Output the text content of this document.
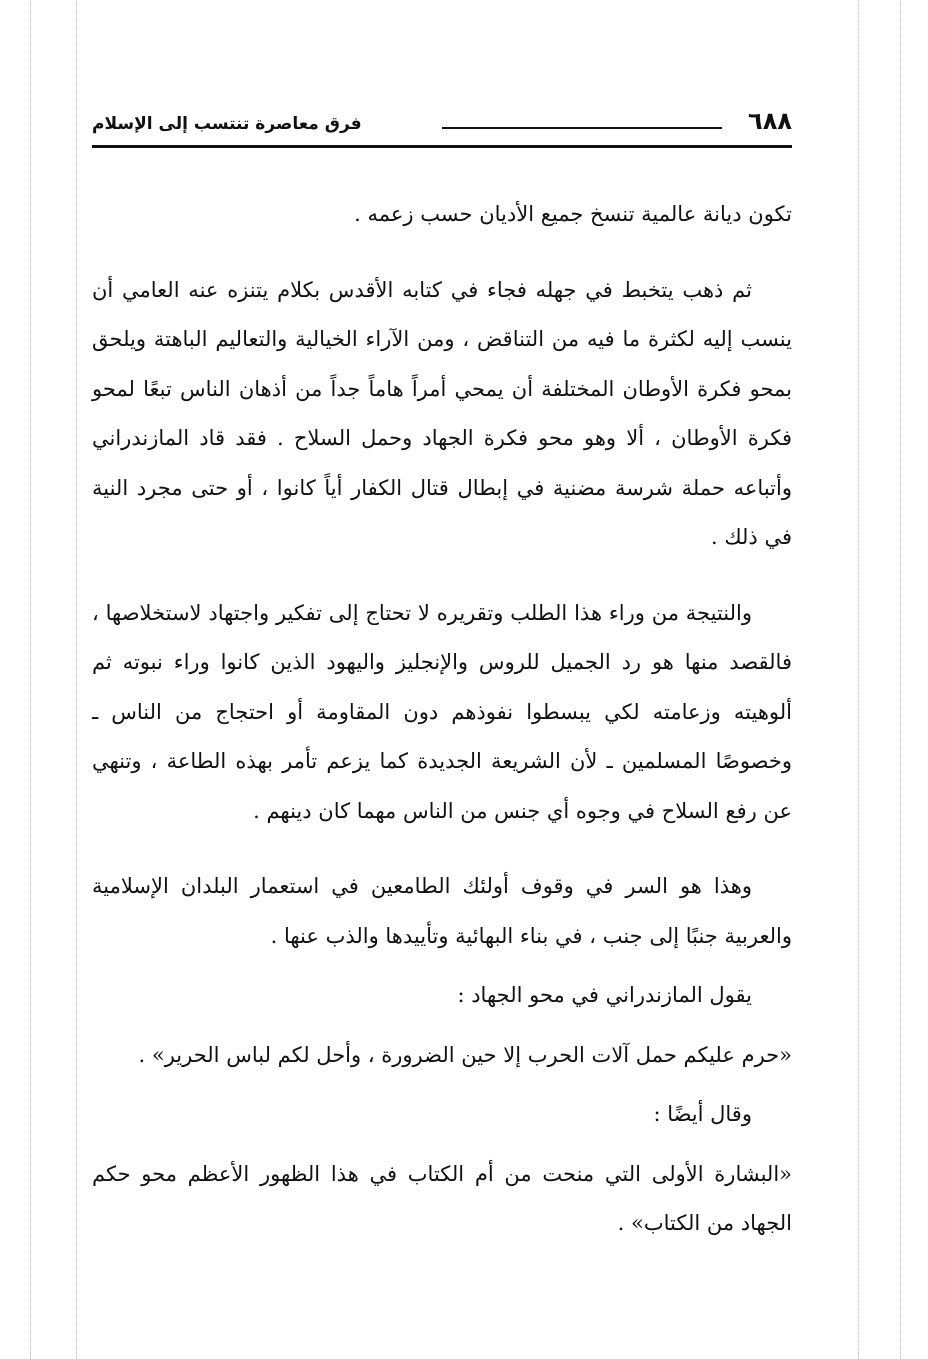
٦٨٨
فرق معاصرة تنتسب إلى الإسلام

تكون ديانة عالمية تنسخ جميع الأديان حسب زعمه .

ثم ذهب يتخبط في جهله فجاء في كتابه الأقدس بكلام يتنزه عنه العامي أن ينسب إليه لكثرة ما فيه من التناقض ، ومن الآراء الخيالية والتعاليم الباهتة ويلحق بمحو فكرة الأوطان المختلفة أن يمحي أمراً هاماً جداً من أذهان الناس تبعًا لمحو فكرة الأوطان ، ألا وهو محو فكرة الجهاد وحمل السلاح . فقد قاد المازندراني وأتباعه حملة شرسة مضنية في إبطال قتال الكفار أياً كانوا ، أو حتى مجرد النية في ذلك .

والنتيجة من وراء هذا الطلب وتقريره لا تحتاج إلى تفكير واجتهاد لاستخلاصها ، فالقصد منها هو رد الجميل للروس والإنجليز واليهود الذين كانوا وراء نبوته ثم ألوهيته وزعامته لكي يبسطوا نفوذهم دون المقاومة أو احتجاج من الناس ـ وخصوصًا المسلمين ـ لأن الشريعة الجديدة كما يزعم تأمر بهذه الطاعة ، وتنهي عن رفع السلاح في وجوه أي جنس من الناس مهما كان دينهم .

وهذا هو السر في وقوف أولئك الطامعين في استعمار البلدان الإسلامية والعربية جنبًا إلى جنب ، في بناء البهائية وتأييدها والذب عنها .

يقول المازندراني في محو الجهاد :

«حرم عليكم حمل آلات الحرب إلا حين الضرورة ، وأحل لكم لباس الحرير» .

وقال أيضًا :

«البشارة الأولى التي منحت من أم الكتاب في هذا الظهور الأعظم محو حكم الجهاد من الكتاب» .
